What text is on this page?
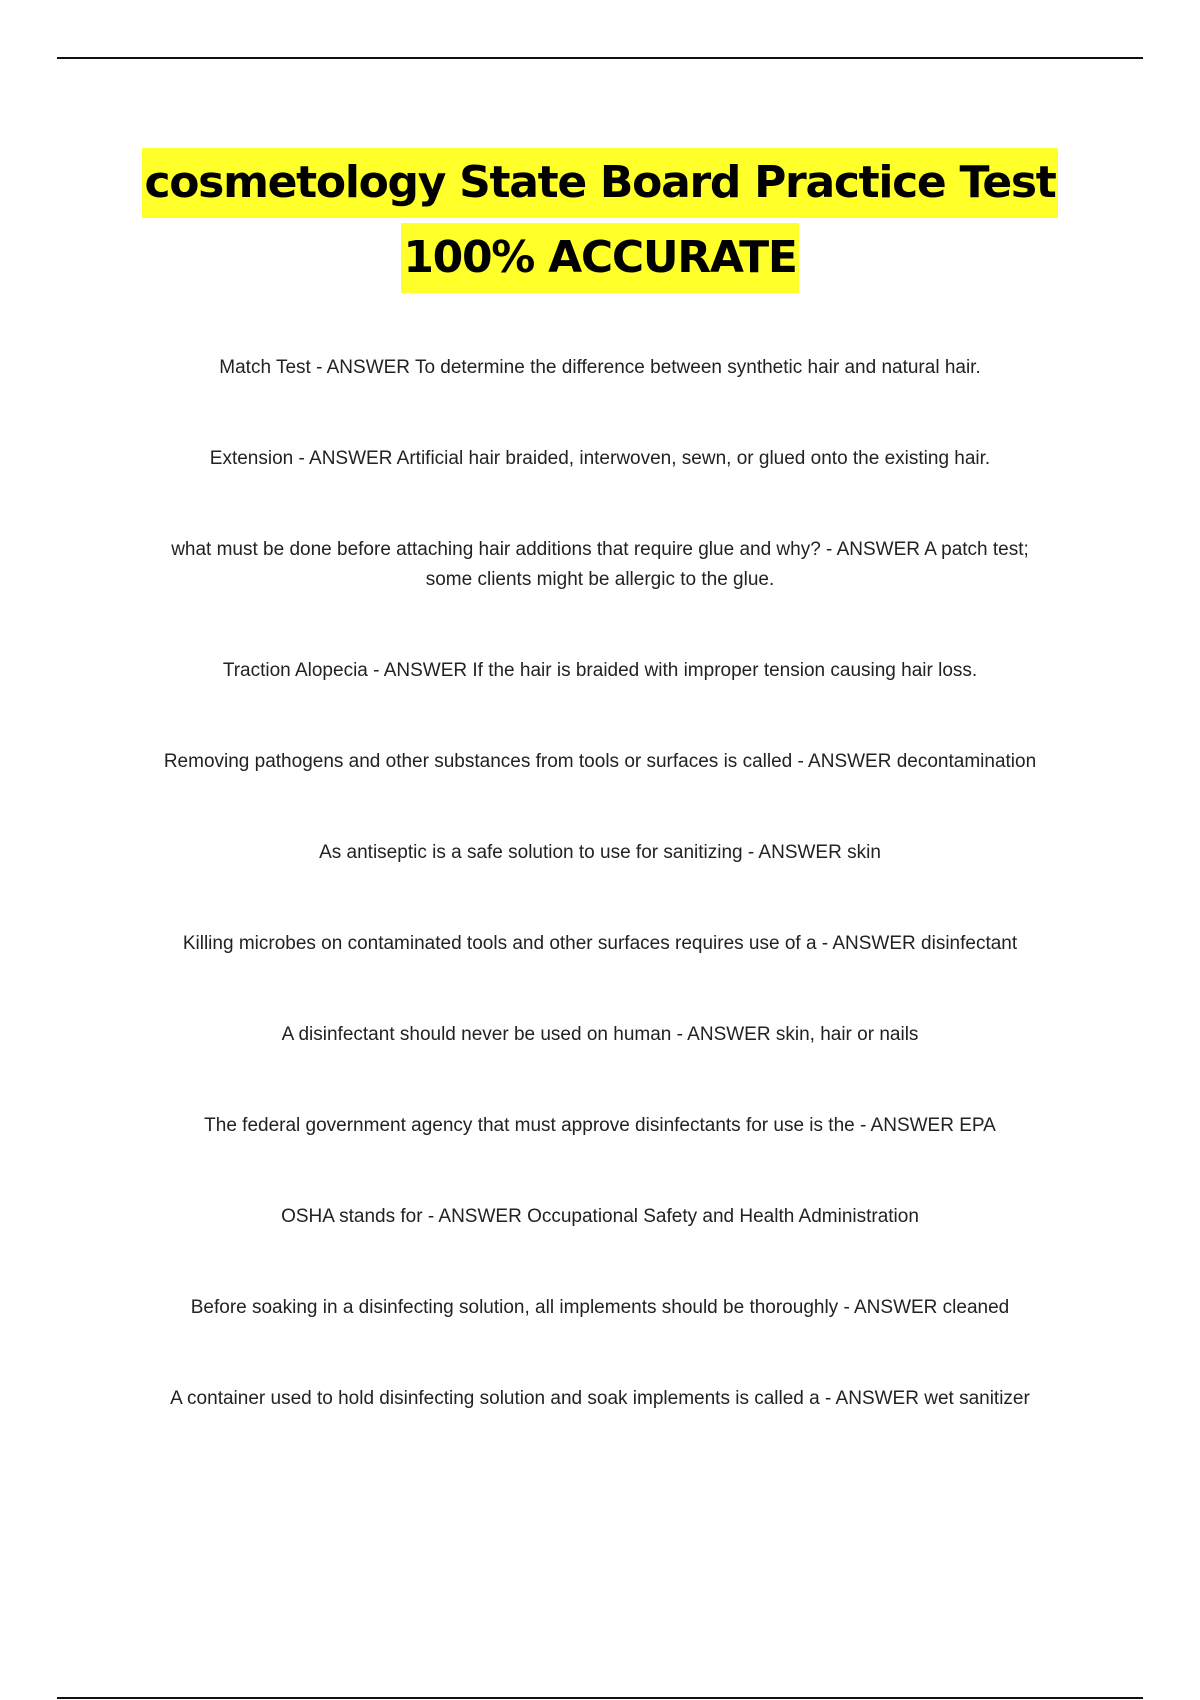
cosmetology State Board Practice Test
100% ACCURATE

Match Test - ANSWER To determine the difference between synthetic hair and natural hair.

Extension - ANSWER Artificial hair braided, interwoven, sewn, or glued onto the existing hair.

what must be done before attaching hair additions that require glue and why? - ANSWER A patch test; some clients might be allergic to the glue.

Traction Alopecia - ANSWER If the hair is braided with improper tension causing hair loss.

Removing pathogens and other substances from tools or surfaces is called - ANSWER decontamination

As antiseptic is a safe solution to use for sanitizing - ANSWER skin

Killing microbes on contaminated tools and other surfaces requires use of a - ANSWER disinfectant

A disinfectant should never be used on human - ANSWER skin, hair or nails

The federal government agency that must approve disinfectants for use is the - ANSWER EPA

OSHA stands for - ANSWER Occupational Safety and Health Administration

Before soaking in a disinfecting solution, all implements should be thoroughly - ANSWER cleaned

A container used to hold disinfecting solution and soak implements is called a - ANSWER wet sanitizer
